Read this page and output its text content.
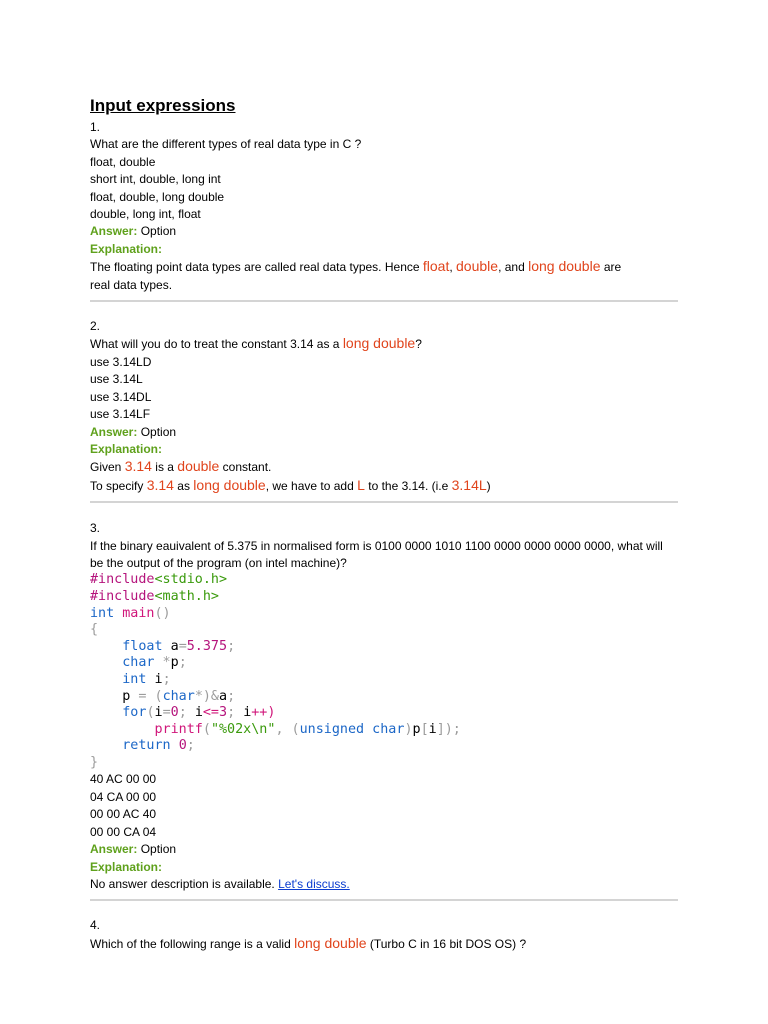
Input expressions
1.
What are the different types of real data type in C ?
float, double
short int, double, long int
float, double, long double
double, long int, float
Answer: Option
Explanation:
The floating point data types are called real data types. Hence float, double, and long double are
real data types.
2.
What will you do to treat the constant 3.14 as a long double?
use 3.14LD
use 3.14L
use 3.14DL
use 3.14LF
Answer: Option
Explanation:
Given 3.14 is a double constant.
To specify 3.14 as long double, we have to add L to the 3.14. (i.e 3.14L)
3.
If the binary eauivalent of 5.375 in normalised form is 0100 0000 1010 1100 0000 0000 0000 0000, what will be the output of the program (on intel machine)?
#include<stdio.h>
#include<math.h>
int main()
{
float a=5.375;
char *p;
int i;
p = (char*)&a;
for(i=0; i<=3; i++)
printf("%02x\n", (unsigned char)p[i]);
return 0;
}
40 AC 00 00
04 CA 00 00
00 00 AC 40
00 00 CA 04
Answer: Option
Explanation:
No answer description is available. Let's discuss.
4.
Which of the following range is a valid long double (Turbo C in 16 bit DOS OS) ?
